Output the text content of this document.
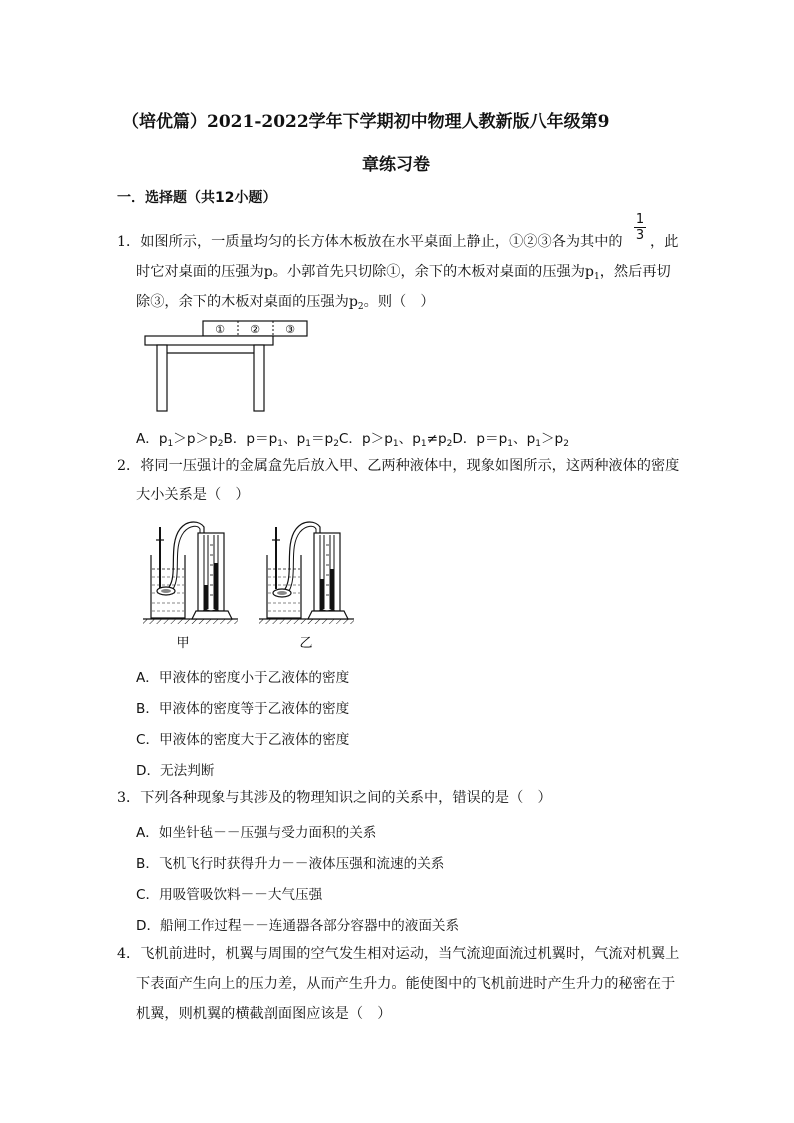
（培优篇）2021-2022学年下学期初中物理人教新版八年级第9
章练习卷
一．选择题（共12小题）
1．如图所示，一质量均匀的长方体木板放在水平桌面上静止，①②③各为其中的
1
3 ，此
时它对桌面的压强为p。小郭首先只切除①，余下的木板对桌面的压强为$p_1$，然后再切
除③，余下的木板对桌面的压强为$p_2$。则（　）
① ② ③
A．$p_1>p>p_2B$．$p=p_1$、$p_1=p_2C$．$p>p_1$、$p_1\ne p_2D$．$p=p_1$、$p_1>p_2$
2．将同一压强计的金属盒先后放入甲、乙两种液体中，现象如图所示，这两种液体的密度
大小关系是（　）
甲	乙
A．甲液体的密度小于乙液体的密度
B．甲液体的密度等于乙液体的密度
C．甲液体的密度大于乙液体的密度
D．无法判断
3．下列各种现象与其涉及的物理知识之间的关系中，错误的是（　）
A．如坐针毡－－压强与受力面积的关系
B．飞机飞行时获得升力－－液体压强和流速的关系
C．用吸管吸饮料－－大气压强
D．船闸工作过程－－连通器各部分容器中的液面关系
4．飞机前进时，机翼与周围的空气发生相对运动，当气流迎面流过机翼时，气流对机翼上
下表面产生向上的压力差，从而产生升力。能使图中的飞机前进时产生升力的秘密在于
机翼，则机翼的横截剖面图应该是（　）
